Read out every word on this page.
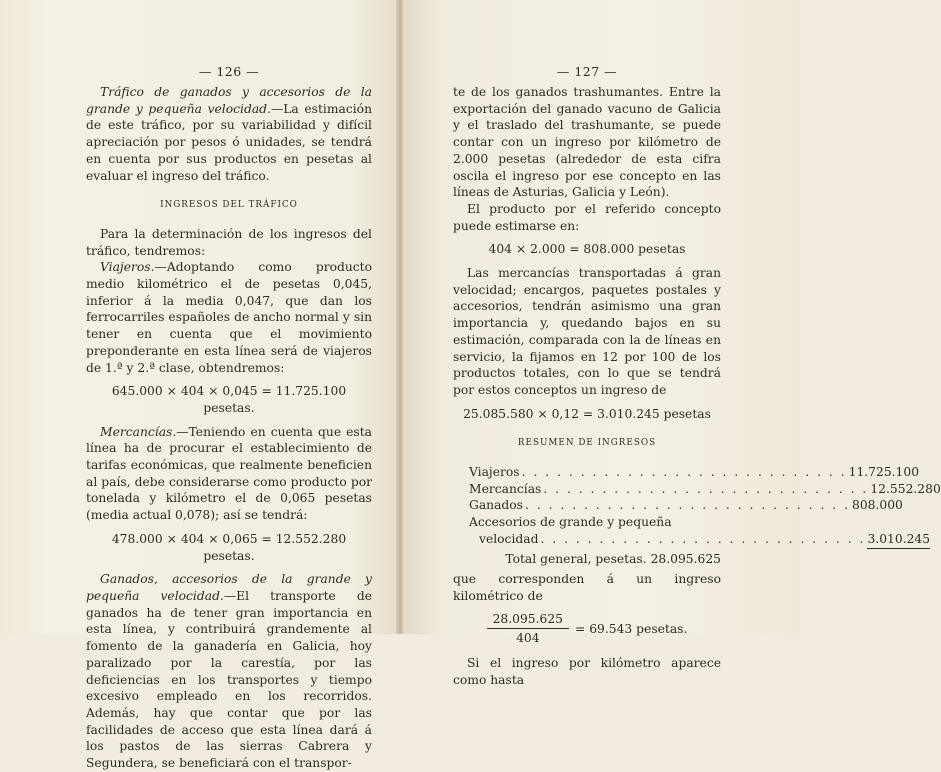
— 126 —

Tráfico de ganados y accesorios de la grande y pequeña velocidad.—La estimación de este tráfico, por su variabilidad y difícil apreciación por pesos ó unidades, se tendrá en cuenta por sus productos en pesetas al evaluar el ingreso del tráfico.

INGRESOS DEL TRÁFICO

Para la determinación de los ingresos del tráfico, tendremos:

Viajeros.—Adoptando como producto medio kilométrico el de pesetas 0,045, inferior á la media 0,047, que dan los ferrocarriles españoles de ancho normal y sin tener en cuenta que el movimiento preponderante en esta línea será de viajeros de 1.ª y 2.ª clase, obtendremos:

645.000 × 404 × 0,045 = 11.725.100 pesetas.

Mercancías.—Teniendo en cuenta que esta línea ha de procurar el establecimiento de tarifas económicas, que realmente beneficien al país, debe considerarse como producto por tonelada y kilómetro el de 0,065 pesetas (media actual 0,078); así se tendrá:

478.000 × 404 × 0,065 = 12.552.280 pesetas.

Ganados, accesorios de la grande y pequeña velocidad.—El transporte de ganados ha de tener gran importancia en esta línea, y contribuirá grandemente al fomento de la ganadería en Galicia, hoy paralizado por la carestía, por las deficiencias en los transportes y tiempo excesivo empleado en los recorridos. Además, hay que contar que por las facilidades de acceso que esta línea dará á los pastos de las sierras Cabrera y Segundera, se beneficiará con el transpor-

— 127 —

te de los ganados trashumantes. Entre la exportación del ganado vacuno de Galicia y el traslado del trashumante, se puede contar con un ingreso por kilómetro de 2.000 pesetas (alrededor de esta cifra oscila el ingreso por ese concepto en las líneas de Asturias, Galicia y León).

El producto por el referido concepto puede estimarse en:

404 × 2.000 = 808.000 pesetas

Las mercancías transportadas á gran velocidad; encargos, paquetes postales y accesorios, tendrán asimismo una gran importancia y, quedando bajos en su estimación, comparada con la de líneas en servicio, la fijamos en 12 por 100 de los productos totales, con lo que se tendrá por estos conceptos un ingreso de

25.085.580 × 0,12 = 3.010.245 pesetas
RESUMEN DE INGRESOS
Viajeros . . . . . . . . . . . . . . . . . . . . . . . . . . . . 11.725.100
Mercancías . . . . . . . . . . . . . . . . . . . . . . . . . . . . 12.552.280
Ganados . . . . . . . . . . . . . . . . . . . . . . . . . . . . 808.000
Accesorios de grande y pequeña
velocidad . . . . . . . . . . . . . . . . . . . . . . . . . . . . 3.010.245
Total general, pesetas. 28.095.625

que corresponden á un ingreso kilométrico de

$\frac{28.095.625}{404} = 69.543$ pesetas.

Si el ingreso por kilómetro aparece como hasta
